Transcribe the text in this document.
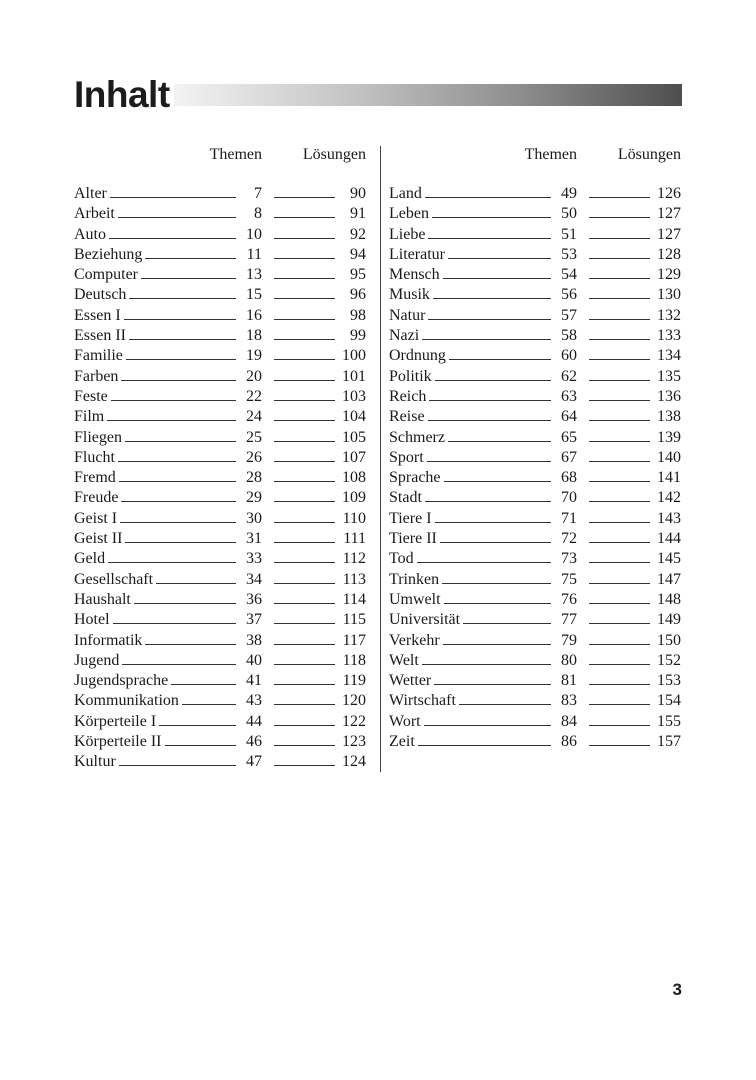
Inhalt
Themen	Lösungen
Alter	7	90
Arbeit	8	91
Auto	10	92
Beziehung	11	94
Computer	13	95
Deutsch	15	96
Essen I	16	98
Essen II	18	99
Familie	19	100
Farben	20	101
Feste	22	103
Film	24	104
Fliegen	25	105
Flucht	26	107
Fremd	28	108
Freude	29	109
Geist I	30	110
Geist II	31	111
Geld	33	112
Gesellschaft	34	113
Haushalt	36	114
Hotel	37	115
Informatik	38	117
Jugend	40	118
Jugendsprache	41	119
Kommunikation	43	120
Körperteile I	44	122
Körperteile II	46	123
Kultur	47	124
Themen	Lösungen
Land	49	126
Leben	50	127
Liebe	51	127
Literatur	53	128
Mensch	54	129
Musik	56	130
Natur	57	132
Nazi	58	133
Ordnung	60	134
Politik	62	135
Reich	63	136
Reise	64	138
Schmerz	65	139
Sport	67	140
Sprache	68	141
Stadt	70	142
Tiere I	71	143
Tiere II	72	144
Tod	73	145
Trinken	75	147
Umwelt	76	148
Universität	77	149
Verkehr	79	150
Welt	80	152
Wetter	81	153
Wirtschaft	83	154
Wort	84	155
Zeit	86	157
3
